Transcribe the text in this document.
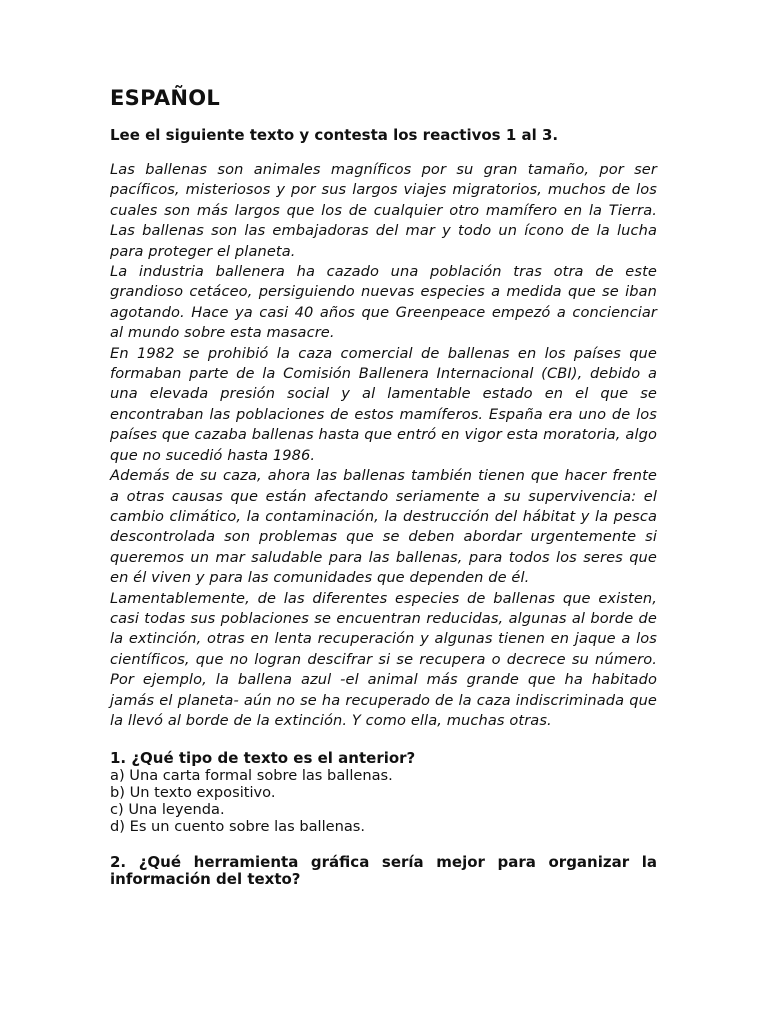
ESPAÑOL

Lee el siguiente texto y contesta los reactivos 1 al 3.

Las ballenas son animales magníficos por su gran tamaño, por ser pacíficos, misteriosos y por sus largos viajes migratorios, muchos de los cuales son más largos que los de cualquier otro mamífero en la Tierra. Las ballenas son las embajadoras del mar y todo un ícono de la lucha para proteger el planeta.

La industria ballenera ha cazado una población tras otra de este grandioso cetáceo, persiguiendo nuevas especies a medida que se iban agotando. Hace ya casi 40 años que Greenpeace empezó a concienciar al mundo sobre esta masacre.

En 1982 se prohibió la caza comercial de ballenas en los países que formaban parte de la Comisión Ballenera Internacional (CBI), debido a una elevada presión social y al lamentable estado en el que se encontraban las poblaciones de estos mamíferos. España era uno de los países que cazaba ballenas hasta que entró en vigor esta moratoria, algo que no sucedió hasta 1986.

Además de su caza, ahora las ballenas también tienen que hacer frente a otras causas que están afectando seriamente a su supervivencia: el cambio climático, la contaminación, la destrucción del hábitat y la pesca descontrolada son problemas que se deben abordar urgentemente si queremos un mar saludable para las ballenas, para todos los seres que en él viven y para las comunidades que dependen de él.

Lamentablemente, de las diferentes especies de ballenas que existen, casi todas sus poblaciones se encuentran reducidas, algunas al borde de la extinción, otras en lenta recuperación y algunas tienen en jaque a los científicos, que no logran descifrar si se recupera o decrece su número. Por ejemplo, la ballena azul -el animal más grande que ha habitado jamás el planeta- aún no se ha recuperado de la caza indiscriminada que la llevó al borde de la extinción. Y como ella, muchas otras.

1. ¿Qué tipo de texto es el anterior?

a) Una carta formal sobre las ballenas.
b) Un texto expositivo.
c) Una leyenda.
d) Es un cuento sobre las ballenas.

2. ¿Qué herramienta gráfica sería mejor para organizar la información del texto?
